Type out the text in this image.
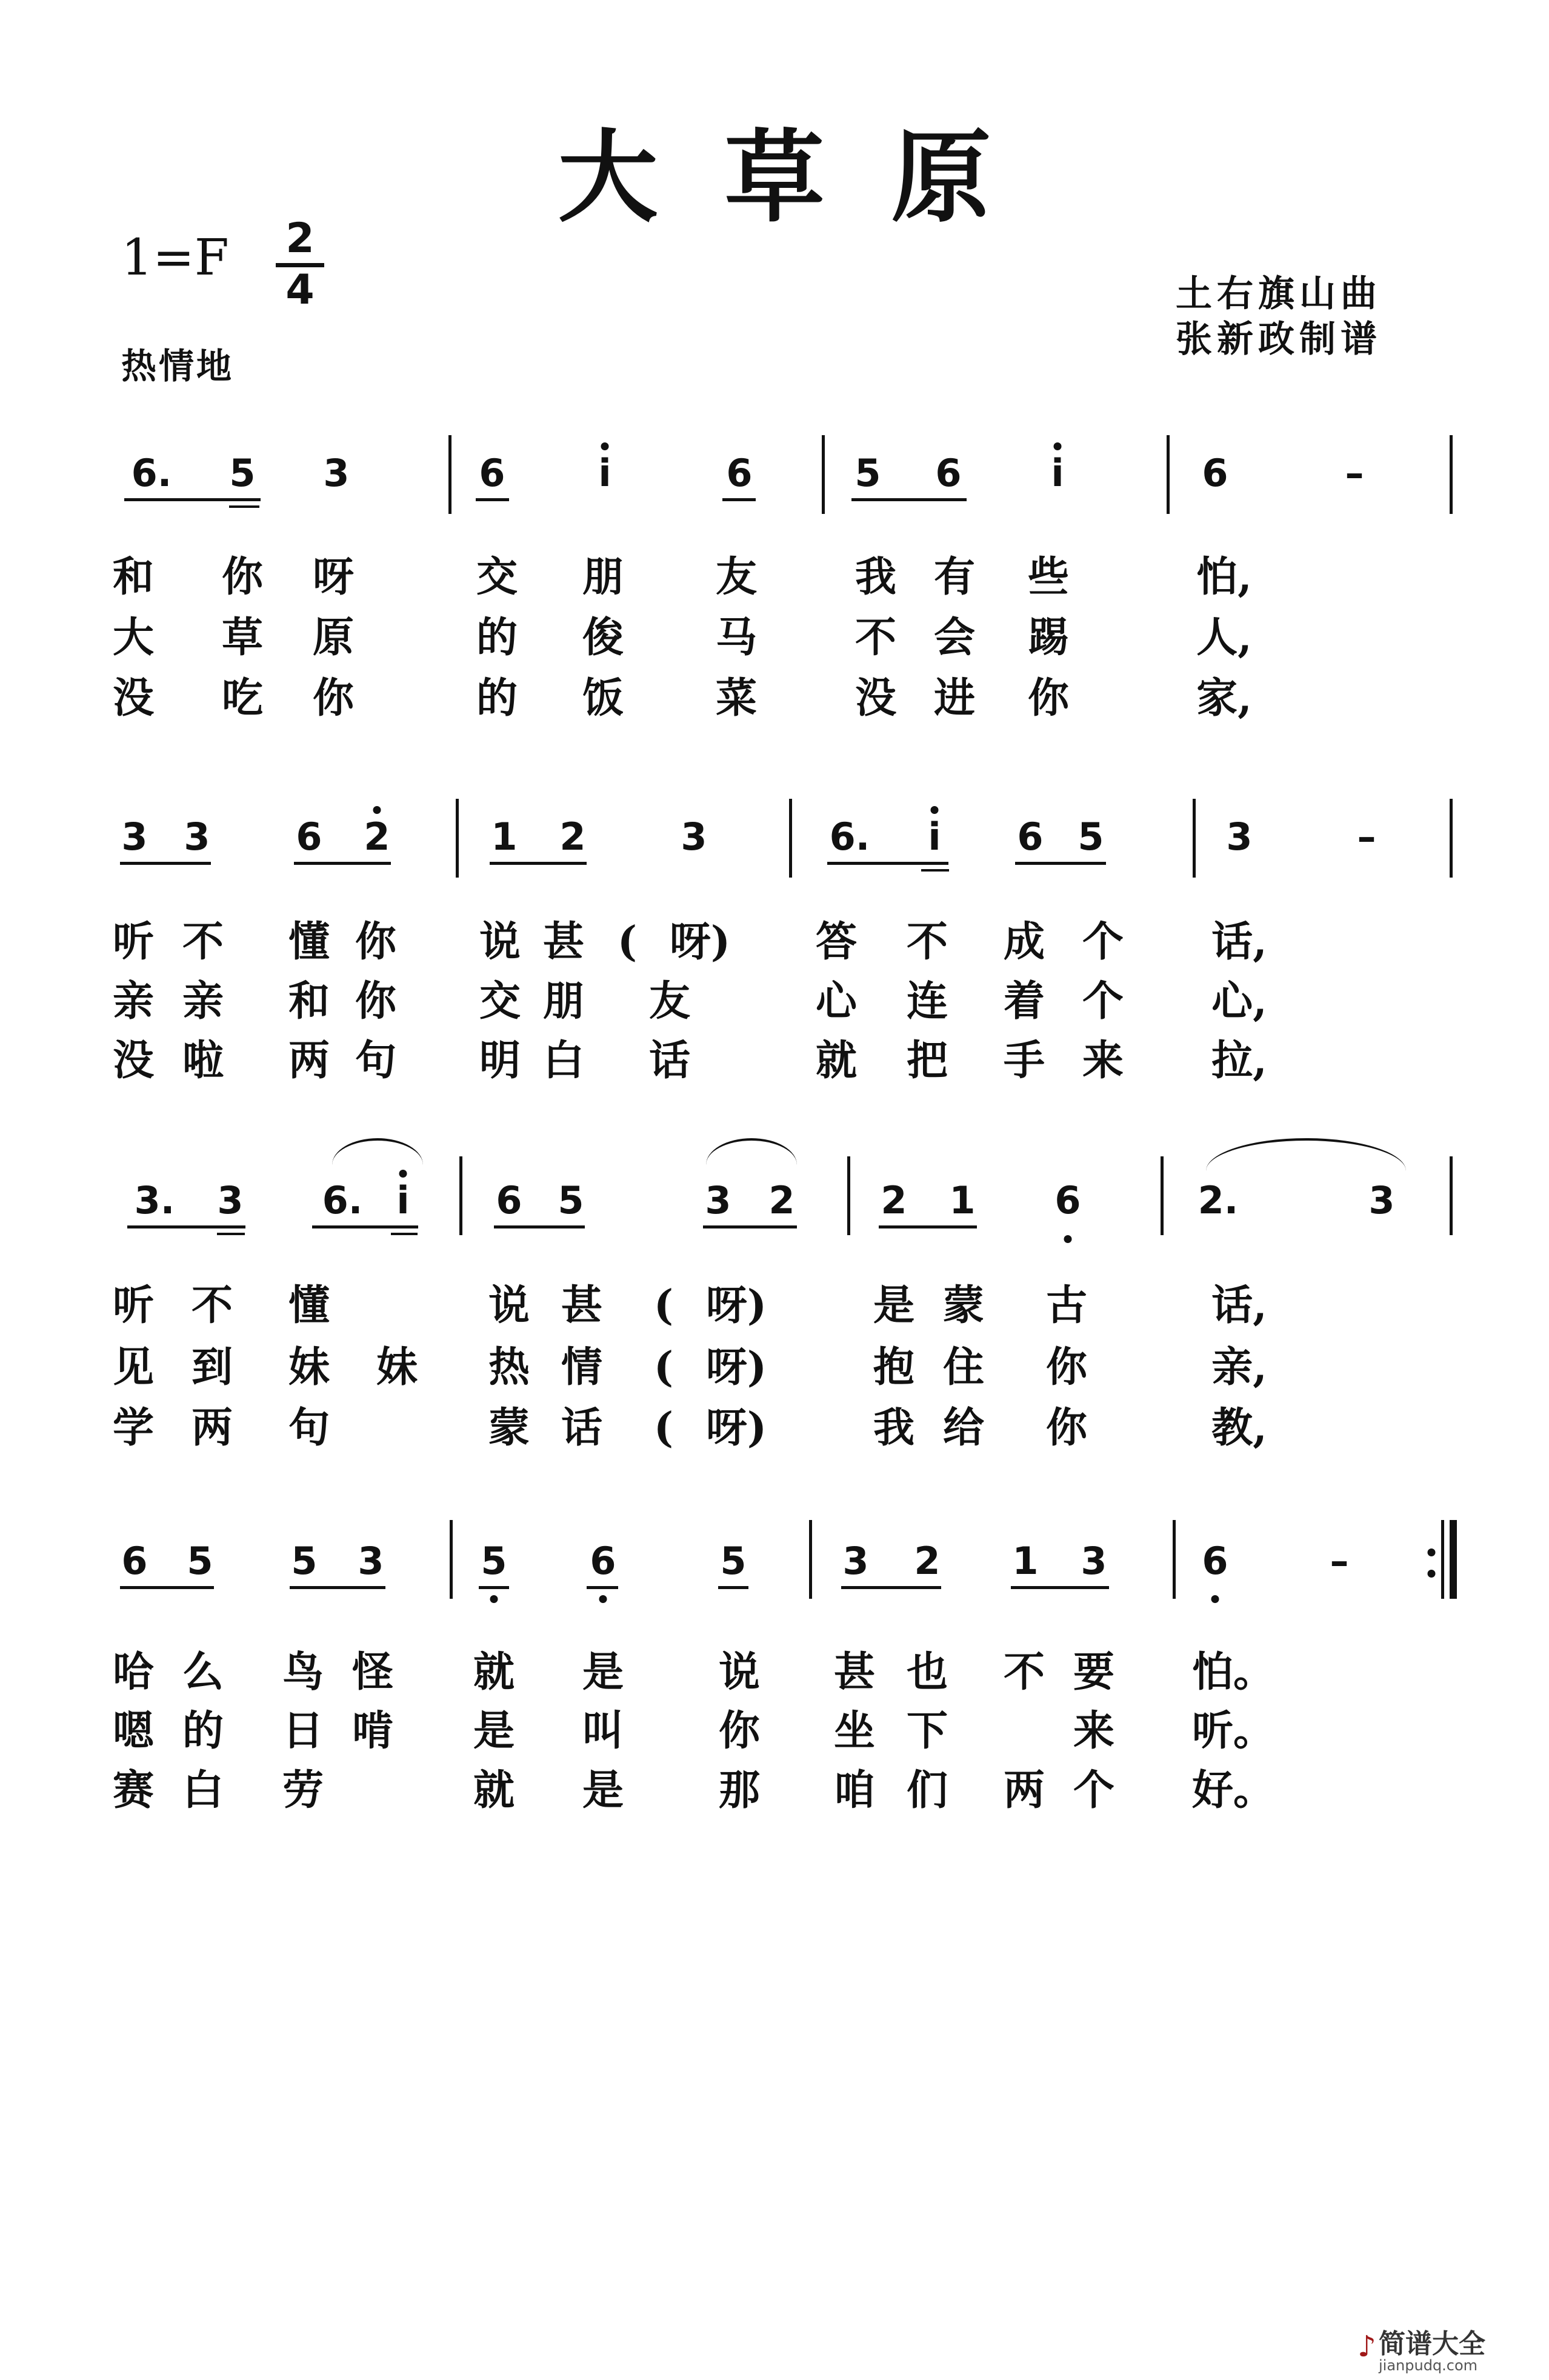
大草原
$1=F \frac{2}{4}$	土右旗山曲
张新政制谱
热情地
6. 5 3	6 i	6	5 6 i	6	–
和 你 呀	交 朋 友 我 有 些	怕,
大 草 原	的 俊 马 不 会 踢	人,
没 吃 你	的 饭 菜 没 进 你	家,
3 3 6 2	1 2	3	6. i 6 5	3	–
听 不 懂 你 说 甚 ( 呀) 答 不 成 个 话,
亲 亲 和 你 交 朋 友	心 连 着 个 心,
没 啦 两 句 明 白 话	就 把 手 来 拉,
3. 3 6. i 6 5	3 2 2 1 6	2.	3
听 不 懂	说 甚 ( 呀)	是 蒙 古	话,
见 到 妹 妹 热 情 ( 呀)	抱 住 你	亲,
学 两 句	蒙 话 ( 呀)	我 给 你	教,
6 5 5 3	5 6	5	3 2 1 3	6	–
哈 么 鸟 怪 就 是 说 甚 也 不 要 怕。
嗯 的 日 啃 是 叫 你 坐 下	来 听。
赛 白 劳	就 是 那 咱 们 两 个 好。
♪ 简谱大全
jianpudq.com
